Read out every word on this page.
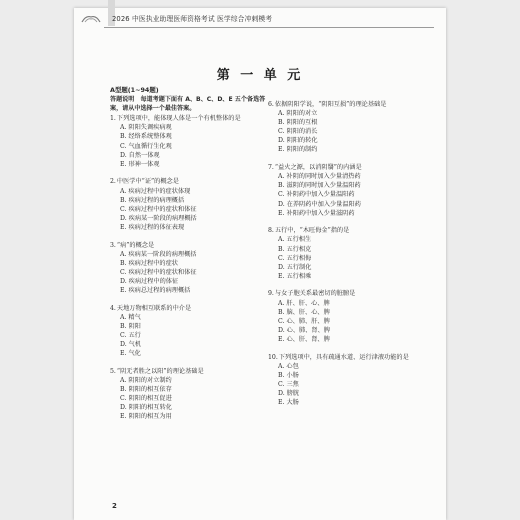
2026 中医执业助理医师资格考试 医学综合冲刺模考
第 一 单 元
A型题(1~94题)
答题说明　每道考题下面有 A、B、C、D、E 五个备选答案，请从中选择一个最佳答案。
1. 下列选项中，能体现人体是一个有机整体的是
A. 阴阳失调疾病观
B. 经络系统整体观
C. 气血循行生化观
D. 自然一体观
E. 形神一体观
2. 中医学中“证”的概念是
A. 疾病过程中的症状体现
B. 疾病过程的病理概括
C. 疾病过程中的症状和体征
D. 疾病某一阶段的病理概括
E. 疾病过程的体征表现
3. “病”的概念是
A. 疾病某一阶段的病理概括
B. 疾病过程中的症状
C. 疾病过程中的症状和体征
D. 疾病过程中的体征
E. 疾病总过程的病理概括
4. 天地万物相互联系的中介是
A. 精气
B. 阴阳
C. 五行
D. 气机
E. 气化
5. “阴无者胜之以阳”的理论基础是
A. 阴阳的对立制约
B. 阴阳的相互依存
C. 阴阳的相互促进
D. 阴阳的相互转化
E. 阴阳的相互为用
6. 依据阴阳学说，“阴阳互损”的理论基础是
A. 阴阳的对立
B. 阴阳的互根
C. 阴阳的消长
D. 阴阳的转化
E. 阴阳的制约
7. “益火之源，以消阴翳”的内涵是
A. 补阴的同时加入少量清热药
B. 滋阴的同时加入少量温阳药
C. 补阴药中加入少量温阳药
D. 在养阴药中加入少量温阳药
E. 补阳药中加入少量滋阴药
8. 五行中，“木旺侮金”指的是
A. 五行相生
B. 五行相克
C. 五行相侮
D. 五行制化
E. 五行相乘
9. 与女子胞关系最密切的脏腑是
A. 肝、肝、心、脾
B. 脑、肝、心、脾
C. 心、肺、肝、脾
D. 心、肺、肾、脾
E. 心、肝、肾、脾
10. 下列选项中，具有疏通水道、运行津液功能的是
A. 心包
B. 小肠
C. 三焦
D. 膀胱
E. 大肠
2
